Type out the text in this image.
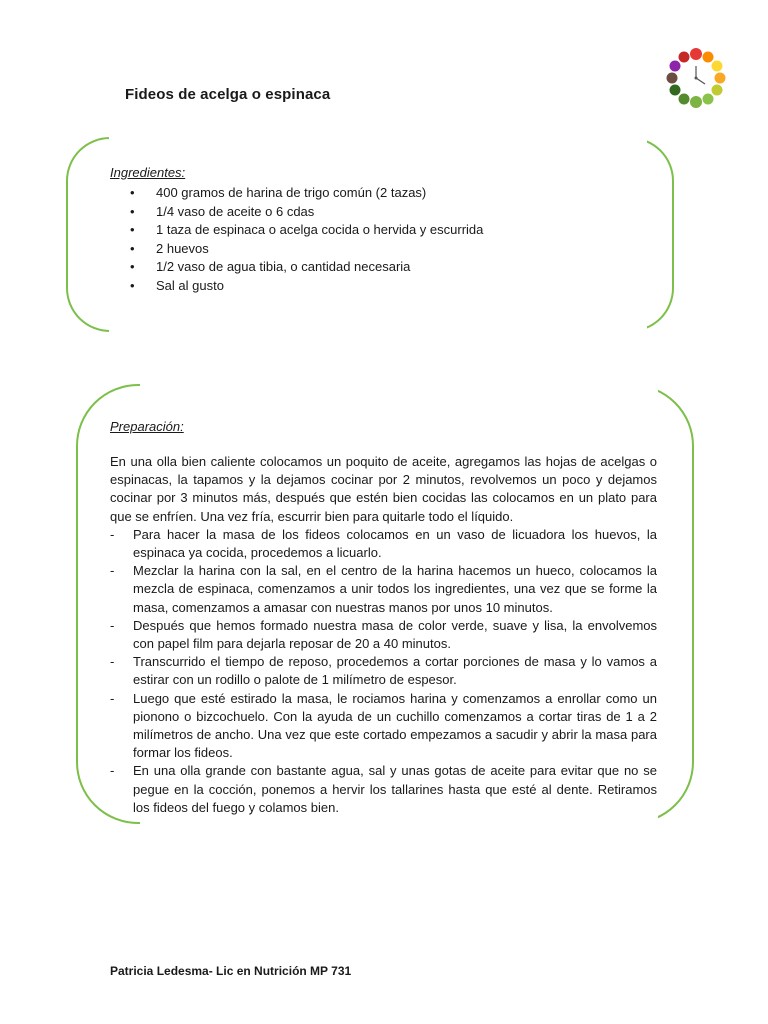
Fideos de acelga o espinaca
Ingredientes:
• 400 gramos de harina de trigo común (2 tazas)
• 1/4 vaso de aceite o 6 cdas
• 1 taza de espinaca o acelga cocida o hervida y escurrida
• 2 huevos
• 1/2 vaso de agua tibia, o cantidad necesaria
• Sal al gusto
Preparación:

En una olla bien caliente colocamos un poquito de aceite, agregamos las hojas de acelgas o espinacas, la tapamos y la dejamos cocinar por 2 minutos, revolvemos un poco y dejamos cocinar por 3 minutos más, después que estén bien cocidas las colocamos en un plato para que se enfríen. Una vez fría, escurrir bien para quitarle todo el líquido.

- Para hacer la masa de los fideos colocamos en un vaso de licuadora los huevos, la espinaca ya cocida, procedemos a licuarlo.
- Mezclar la harina con la sal, en el centro de la harina hacemos un hueco, colocamos la mezcla de espinaca, comenzamos a unir todos los ingredientes, una vez que se forme la masa, comenzamos a amasar con nuestras manos por unos 10 minutos.
- Después que hemos formado nuestra masa de color verde, suave y lisa, la envolvemos con papel film para dejarla reposar de 20 a 40 minutos.
- Transcurrido el tiempo de reposo, procedemos a cortar porciones de masa y lo vamos a estirar con un rodillo o palote de 1 milímetro de espesor.
- Luego que esté estirado la masa, le rociamos harina y comenzamos a enrollar como un pionono o bizcochuelo. Con la ayuda de un cuchillo comenzamos a cortar tiras de 1 a 2 milímetros de ancho. Una vez que este cortado empezamos a sacudir y abrir la masa para formar los fideos.
- En una olla grande con bastante agua, sal y unas gotas de aceite para evitar que no se pegue en la cocción, ponemos a hervir los tallarines hasta que esté al dente. Retiramos los fideos del fuego y colamos bien.
Patricia Ledesma- Lic en Nutrición MP 731
